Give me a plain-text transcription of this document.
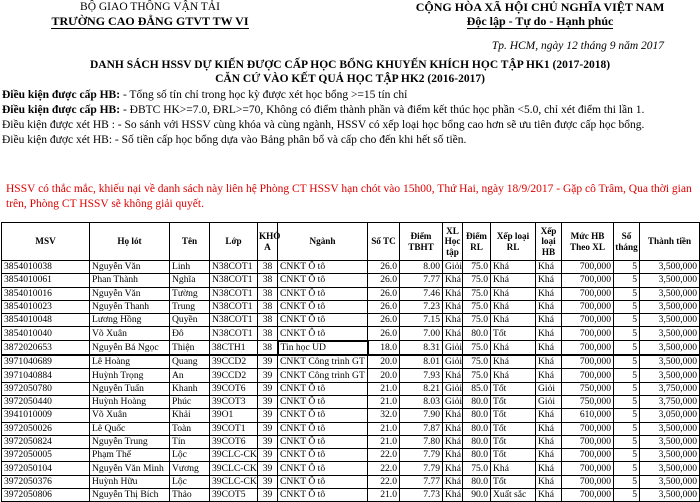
BỘ GIAO THÔNG VẬN TẢI
TRƯỜNG CAO ĐẲNG GTVT TW VI
CỘNG HÒA XÃ HỘI CHỦ NGHĨA VIỆT NAM
Độc lập - Tự do - Hạnh phúc
Tp. HCM, ngày 12 tháng 9 năm 2017
DANH SÁCH HSSV DỰ KIẾN ĐƯỢC CẤP HỌC BỔNG KHUYẾN KHÍCH HỌC TẬP HK1 (2017-2018)
CĂN CỨ VÀO KẾT QUẢ HỌC TẬP HK2 (2016-2017)
Điều kiện được cấp HB: - Tổng số tín chỉ trong học kỳ được xét học bổng >=15 tín chỉ
Điều kiện được cấp HB: - ĐBTC HK>=7.0, ĐRL>=70, Không có điểm thành phần và điểm kết thúc học phần <5.0, chỉ xét điểm thi lần 1.
Điều kiện được xét HB : - So sánh với HSSV cùng khóa và cùng ngành, HSSV có xếp loại học bổng cao hơn sẽ ưu tiên được cấp học bổng.
Điều kiện được xét HB: - Số tiền cấp học bổng dựa vào Bảng phân bổ và cấp cho đến khi hết số tiền.
HSSV có thắc mắc, khiếu nại về danh sách này liên hệ Phòng CT HSSV hạn chót vào 15h00, Thứ Hai, ngày 18/9/2017 - Gặp cô Trâm, Qua thời gian trên, Phòng CT HSSV sẽ không giải quyết.
MSV	Họ lót	Tên	Lớp	KHÓ A	Ngành	Số TC	Điểm TBHT	XL Học tập	Điểm RL	Xếp loại RL	Xếp loại HB	Mức HB Theo XL	Số tháng	Thành tiền
3854010038	Nguyễn Văn	Linh	N38COT1	38	CNKT Ô tô	26.0	8.00	Giỏi	75.0	Khá	Khá	700,000	5	3,500,000
3854010061	Phan Thành	Nghĩa	N38COT1	38	CNKT Ô tô	26.0	7.77	Khá	75.0	Khá	Khá	700,000	5	3,500,000
3854010016	Nguyễn Văn	Tường	N38COT1	38	CNKT Ô tô	26.0	7.46	Khá	75.0	Khá	Khá	700,000	5	3,500,000
3854010023	Nguyễn Thanh	Trung	N38COT1	38	CNKT Ô tô	26.0	7.23	Khá	75.0	Khá	Khá	700,000	5	3,500,000
3854010048	Lương Hồng	Quyền	N38COT1	38	CNKT Ô tô	26.0	7.15	Khá	75.0	Khá	Khá	700,000	5	3,500,000
3854010040	Võ Xuân	Đô	N38COT1	38	CNKT Ô tô	26.0	7.00	Khá	80.0	Tốt	Khá	700,000	5	3,500,000
3872020653	Nguyễn Bá Ngọc	Thiện	38CTH1	38	Tin học UD	18.0	8.31	Giỏi	75.0	Khá	Khá	700,000	5	3,500,000
3971040689	Lê Hoàng	Quang	39CCD2	39	CNKT Công trình GT	20.0	8.01	Giỏi	75.0	Khá	Khá	700,000	5	3,500,000
3971040884	Huỳnh Trọng	An	39CCD2	39	CNKT Công trình GT	20.0	7.93	Khá	75.0	Khá	Khá	700,000	5	3,500,000
3972050780	Nguyễn Tuấn	Khanh	39COT6	39	CNKT Ô tô	21.0	8.21	Giỏi	85.0	Tốt	Giỏi	750,000	5	3,750,000
3972050440	Huỳnh Hoàng	Phúc	39COT3	39	CNKT Ô tô	21.0	8.03	Giỏi	80.0	Tốt	Giỏi	750,000	5	3,750,000
3941010009	Võ Xuân	Khải	39O1	39	CNKT Ô tô	32.0	7.90	Khá	80.0	Tốt	Khá	610,000	5	3,050,000
3972050026	Lê Quốc	Toàn	39COT1	39	CNKT Ô tô	21.0	7.87	Khá	80.0	Tốt	Khá	700,000	5	3,500,000
3972050824	Nguyễn Trung	Tín	39COT6	39	CNKT Ô tô	21.0	7.80	Khá	80.0	Tốt	Khá	700,000	5	3,500,000
3972050005	Phạm Thế	Lộc	39CLC-CK	39	CNKT Ô tô	22.0	7.79	Khá	80.0	Tốt	Khá	700,000	5	3,500,000
3972050104	Nguyễn Văn Minh	Vương	39CLC-CK	39	CNKT Ô tô	22.0	7.79	Khá	75.0	Khá	Khá	700,000	5	3,500,000
3972050376	Huỳnh Hữu	Lộc	39CLC-CK	39	CNKT Ô tô	22.0	7.77	Khá	80.0	Tốt	Khá	700,000	5	3,500,000
3972050806	Nguyễn Thị Bích	Thảo	39COT5	39	CNKT Ô tô	21.0	7.73	Khá	90.0	Xuất sắc	Khá	700,000	5	3,500,000
